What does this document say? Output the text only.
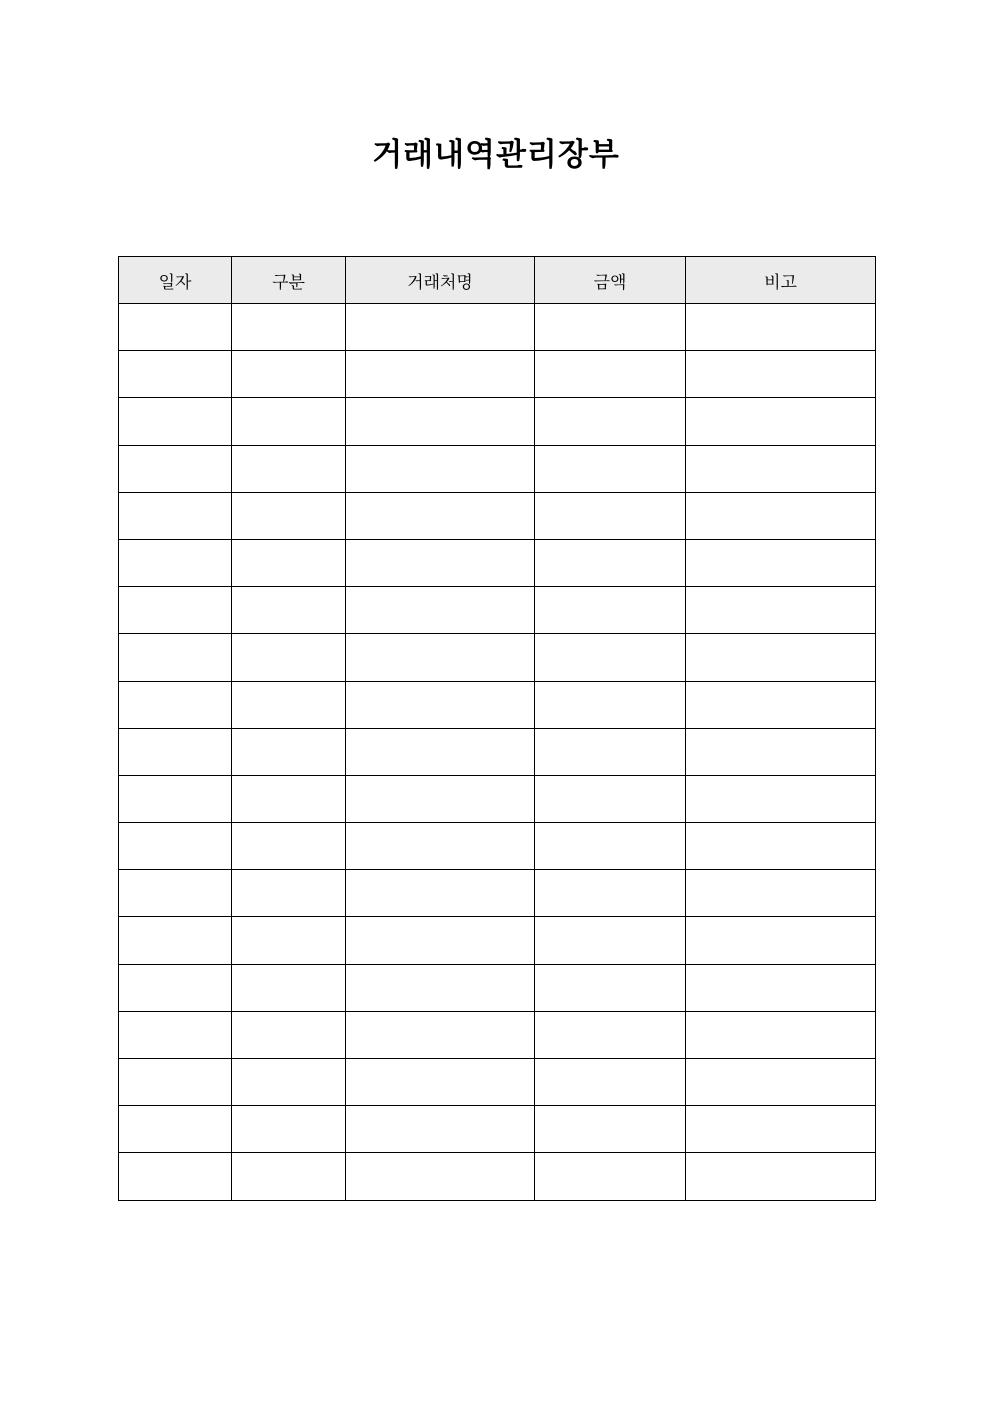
거래내역관리장부
일자	구분	거래처명	금액	비고
